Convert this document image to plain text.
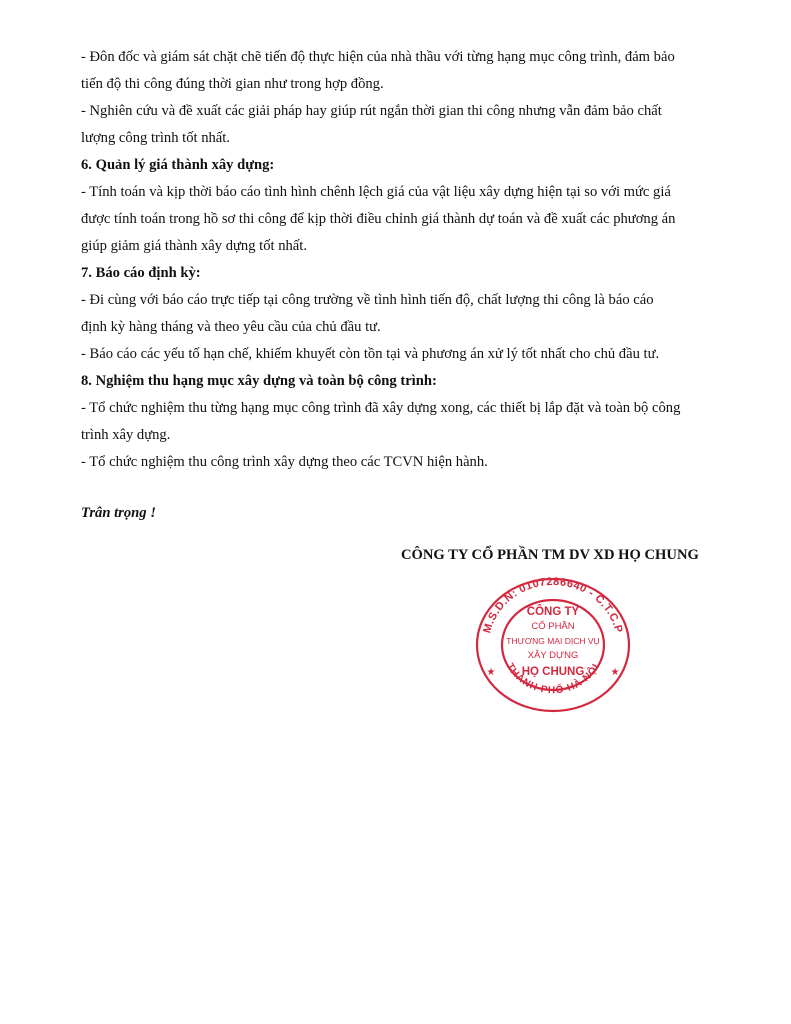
- Đôn đốc và giám sát chặt chẽ tiến độ thực hiện của nhà thầu với từng hạng mục công trình, đảm bảo

tiến độ thi công đúng thời gian như trong hợp đồng.

- Nghiên cứu và đề xuất các giải pháp hay giúp rút ngắn thời gian thi công nhưng vẫn đảm bảo chất

lượng công trình tốt nhất.

6. Quản lý giá thành xây dựng:

- Tính toán và kịp thời báo cáo tình hình chênh lệch giá của vật liệu xây dựng hiện tại so với mức giá

được tính toán trong hồ sơ thi công để kịp thời điều chỉnh giá thành dự toán và đề xuất các phương án

giúp giảm giá thành xây dựng tốt nhất.

7. Báo cáo định kỳ:

- Đi cùng với báo cáo trực tiếp tại công trường về tình hình tiến độ, chất lượng thi công là báo cáo

định kỳ hàng tháng và theo yêu cầu của chủ đầu tư.

- Báo cáo các yếu tố hạn chế, khiếm khuyết còn tồn tại và phương án xử lý tốt nhất cho chủ đầu tư.

8. Nghiệm thu hạng mục xây dựng và toàn bộ công trình:

- Tổ chức nghiệm thu từng hạng mục công trình đã xây dựng xong, các thiết bị lắp đặt và toàn bộ công

trình xây dựng.

- Tổ chức nghiệm thu công trình xây dựng theo các TCVN hiện hành.

Trân trọng !

CÔNG TY CỔ PHẦN TM DV XD HỌ CHUNG

M.S.D.N: 0107286640 - C.T.C.P
THÀNH PHỐ HÀ NỘI
CÔNG TY
CỔ PHẦN
THƯƠNG MẠI DỊCH VỤ
XÂY DỰNG
HỌ CHUNG
★	★
